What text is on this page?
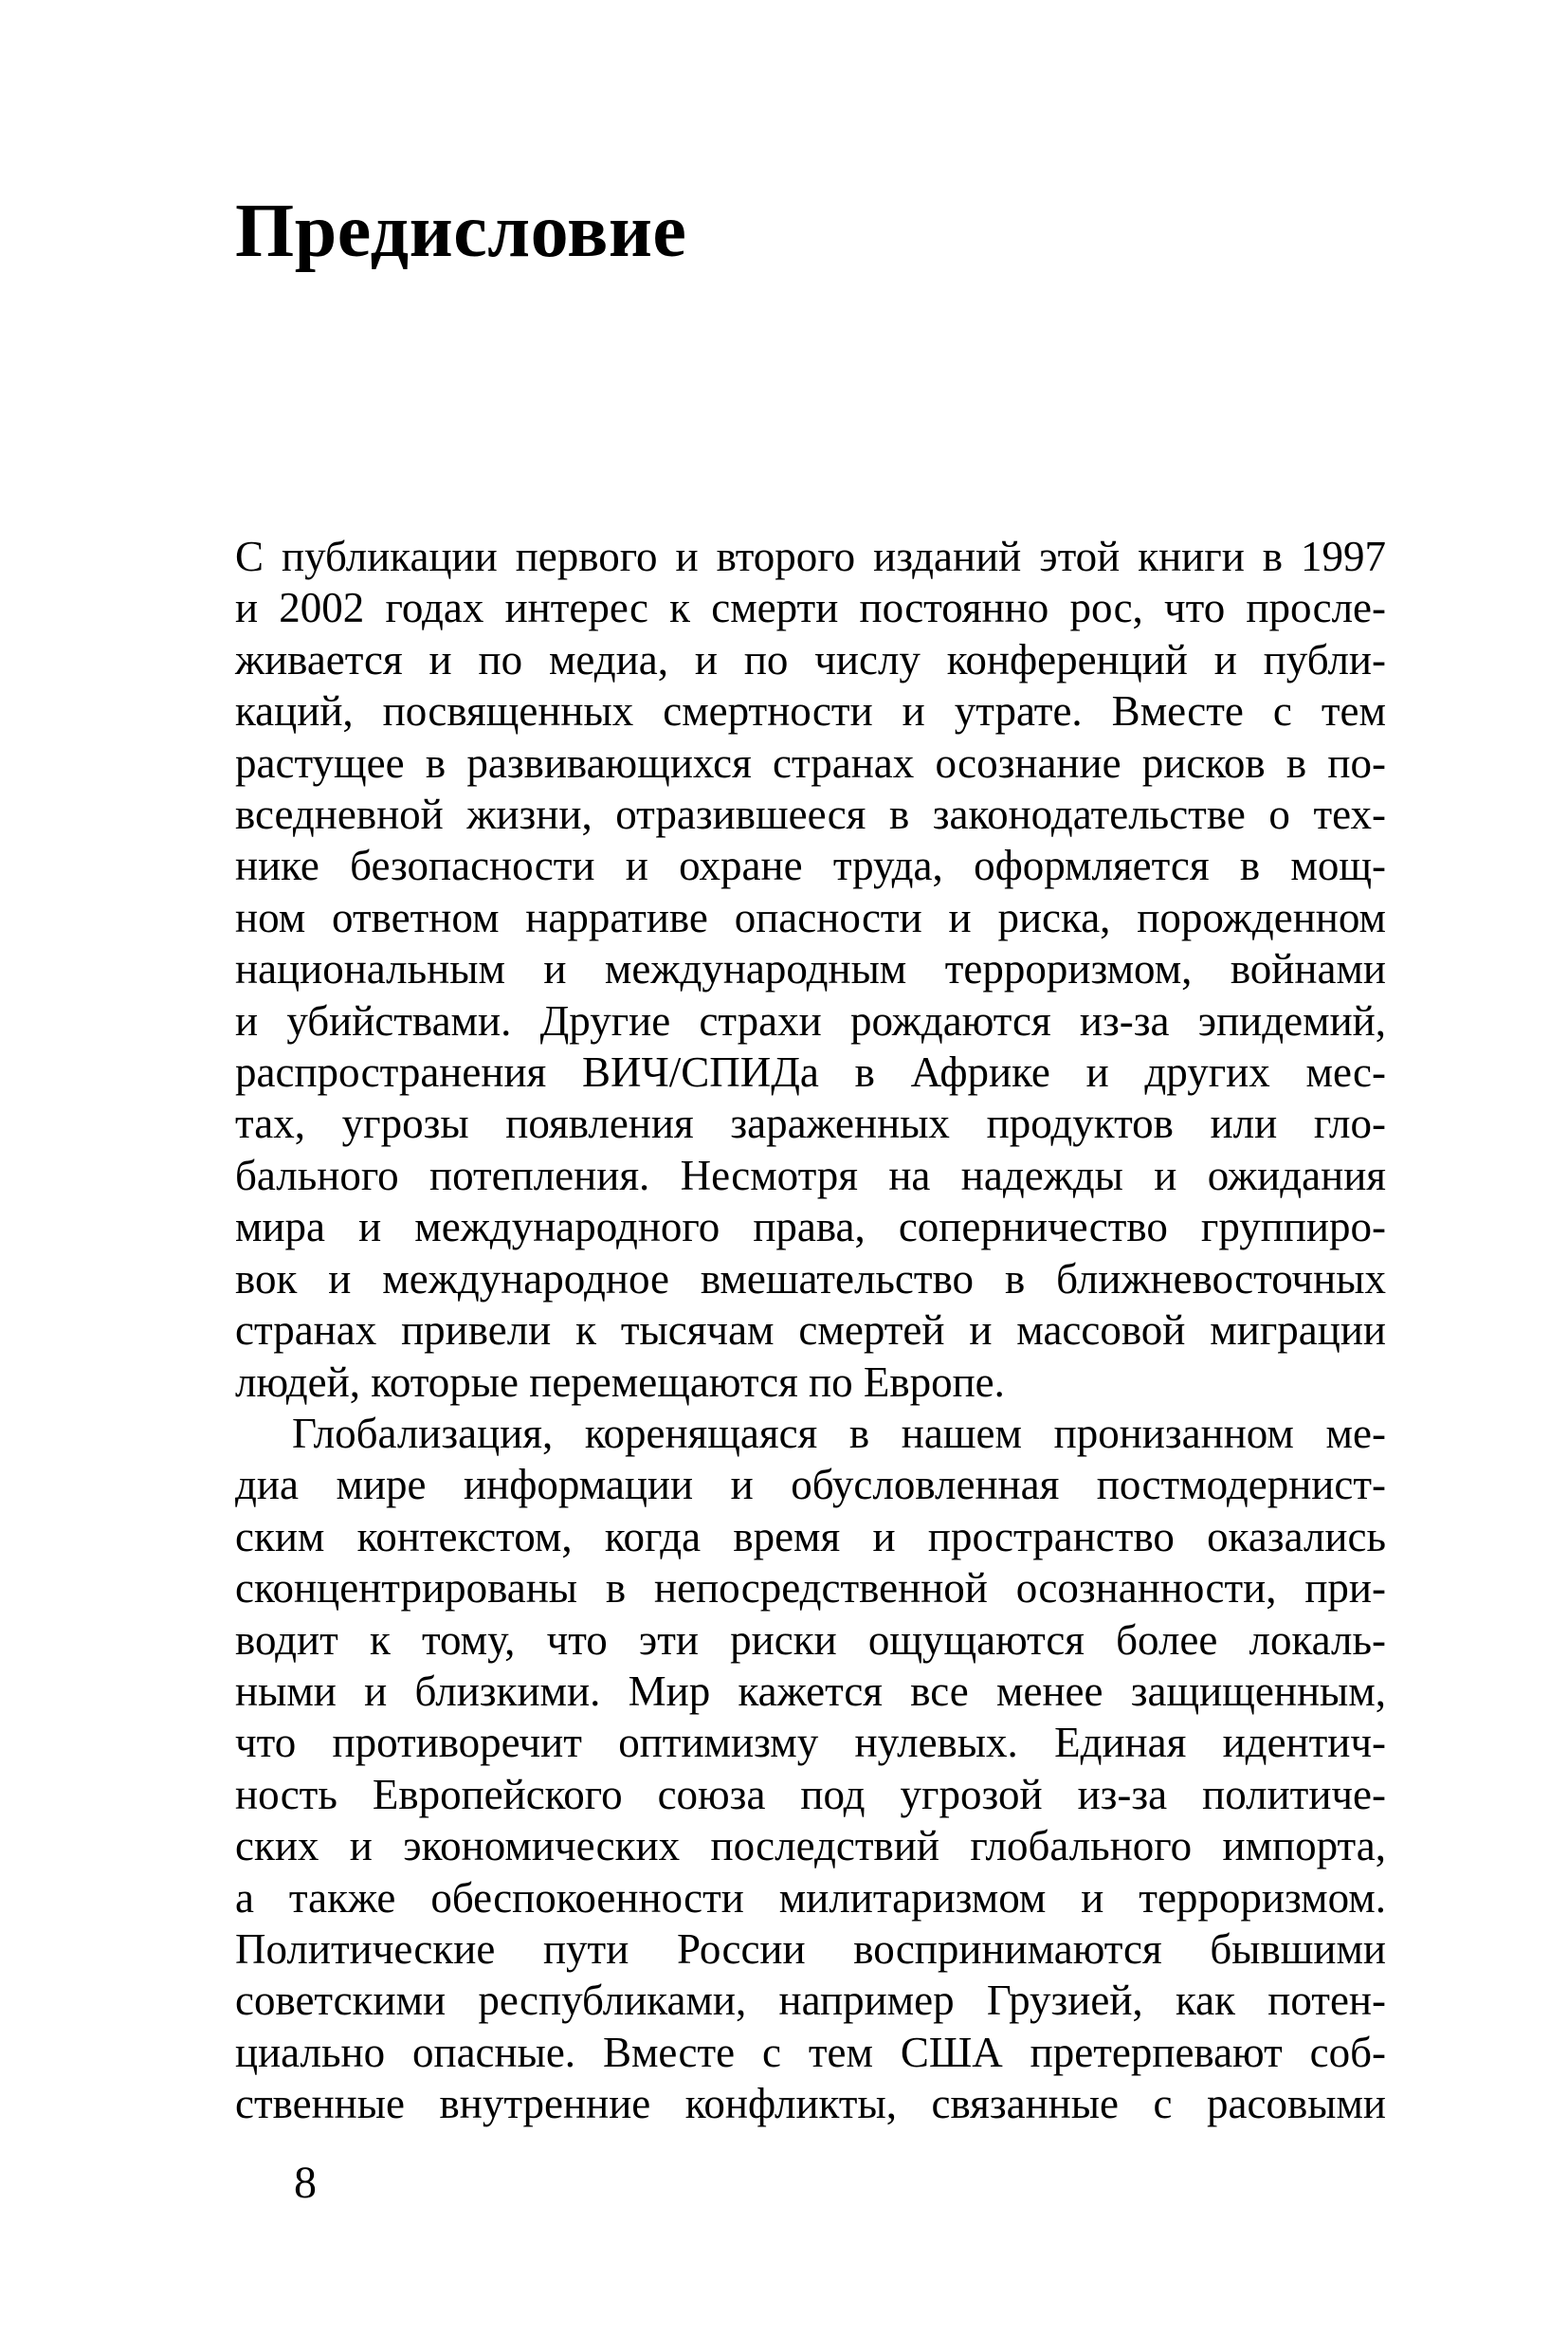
Предисловие
С публикации первого и второго изданий этой книги в 1997
и 2002 годах интерес к смерти постоянно рос, что просле-
живается и по медиа, и по числу конференций и публи-
каций, посвященных смертности и утрате. Вместе с тем
растущее в развивающихся странах осознание рисков в по-
вседневной жизни, отразившееся в законодательстве о тех-
нике безопасности и охране труда, оформляется в мощ-
ном ответном нарративе опасности и риска, порожденном
национальным и международным терроризмом, войнами
и убийствами. Другие страхи рождаются из-за эпидемий,
распространения ВИЧ/СПИДа в Африке и других мес-
тах, угрозы появления зараженных продуктов или гло-
бального потепления. Несмотря на надежды и ожидания
мира и международного права, соперничество группиро-
вок и международное вмешательство в ближневосточных
странах привели к тысячам смертей и массовой миграции
людей, которые перемещаются по Европе.
Глобализация, коренящаяся в нашем пронизанном ме-
диа мире информации и обусловленная постмодернист-
ским контекстом, когда время и пространство оказались
сконцентрированы в непосредственной осознанности, при-
водит к тому, что эти риски ощущаются более локаль-
ными и близкими. Мир кажется все менее защищенным,
что противоречит оптимизму нулевых. Единая идентич-
ность Европейского союза под угрозой из-за политиче-
ских и экономических последствий глобального импорта,
а также обеспокоенности милитаризмом и терроризмом.
Политические пути России воспринимаются бывшими
советскими республиками, например Грузией, как потен-
циально опасные. Вместе с тем США претерпевают соб-
ственные внутренние конфликты, связанные с расовыми
8
